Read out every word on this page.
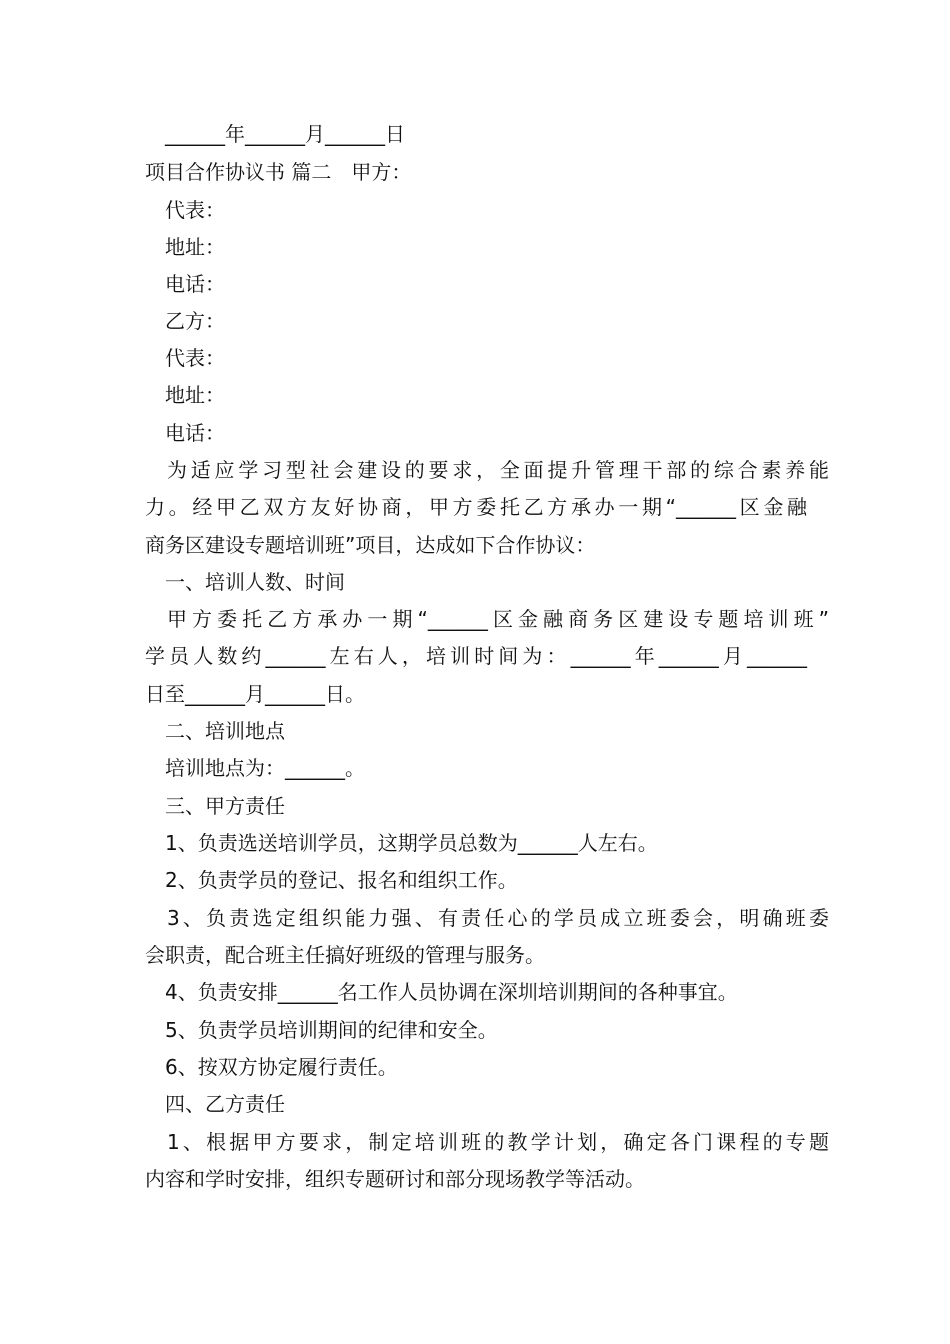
______年______月______日
项目合作协议书 篇二　甲方：
代表：
地址：
电话：
乙方：
代表：
地址：
电话：
为适应学习型社会建设的要求，全面提升管理干部的综合素养能
力。经甲乙双方友好协商，甲方委托乙方承办一期“______区金融
商务区建设专题培训班”项目，达成如下合作协议：
一、培训人数、时间
甲方委托乙方承办一期“______区金融商务区建设专题培训班”
学员人数约______左右人，培训时间为：______年______月______
日至______月______日。
二、培训地点
培训地点为：______。
三、甲方责任
1、负责选送培训学员，这期学员总数为______人左右。
2、负责学员的登记、报名和组织工作。
3、负责选定组织能力强、有责任心的学员成立班委会，明确班委
会职责，配合班主任搞好班级的管理与服务。
4、负责安排______名工作人员协调在深圳培训期间的各种事宜。
5、负责学员培训期间的纪律和安全。
6、按双方协定履行责任。
四、乙方责任
1、根据甲方要求，制定培训班的教学计划，确定各门课程的专题
内容和学时安排，组织专题研讨和部分现场教学等活动。
